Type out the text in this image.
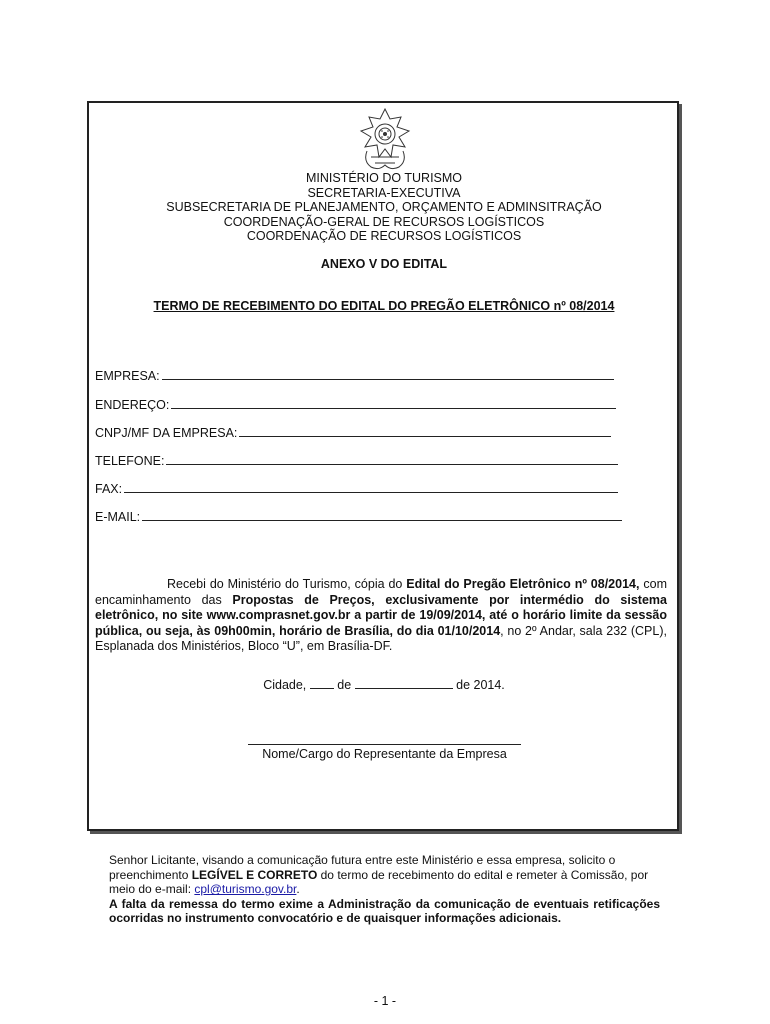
MINISTÉRIO DO TURISMO
SECRETARIA-EXECUTIVA
SUBSECRETARIA DE PLANEJAMENTO, ORÇAMENTO E ADMINSITRAÇÃO
COORDENAÇÃO-GERAL DE RECURSOS LOGÍSTICOS
COORDENAÇÃO DE RECURSOS LOGÍSTICOS
ANEXO V DO EDITAL
TERMO DE RECEBIMENTO DO EDITAL DO PREGÃO ELETRÔNICO nº 08/2014
EMPRESA:
ENDEREÇO:
CNPJ/MF DA EMPRESA:
TELEFONE:
FAX:
E-MAIL:
Recebi do Ministério do Turismo, cópia do Edital do Pregão Eletrônico nº 08/2014, com encaminhamento das Propostas de Preços, exclusivamente por intermédio do sistema eletrônico, no site www.comprasnet.gov.br a partir de 19/09/2014, até o horário limite da sessão pública, ou seja, às 09h00min, horário de Brasília, do dia 01/10/2014, no 2º Andar, sala 232 (CPL), Esplanada dos Ministérios, Bloco “U”, em Brasília-DF.
Cidade, de	de 2014.
Nome/Cargo do Representante da Empresa
Senhor Licitante, visando a comunicação futura entre este Ministério e essa empresa, solicito o preenchimento LEGÍVEL E CORRETO do termo de recebimento do edital e remeter à Comissão, por meio do e-mail: cpl@turismo.gov.br.
A falta da remessa do termo exime a Administração da comunicação de eventuais retificações ocorridas no instrumento convocatório e de quaisquer informações adicionais.
- 1 -
